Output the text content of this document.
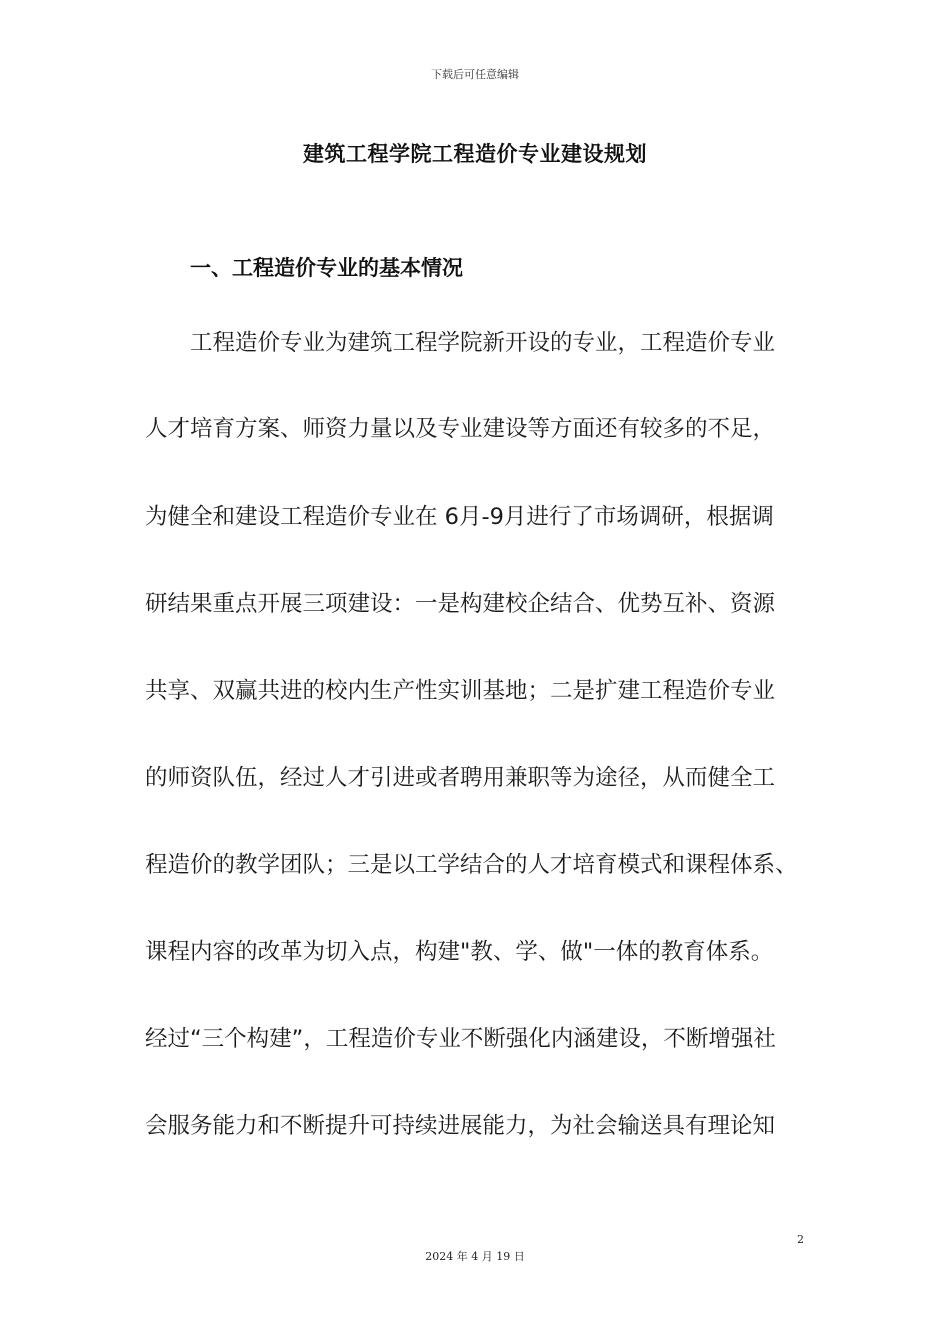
下载后可任意编辑
建筑工程学院工程造价专业建设规划
一、工程造价专业的基本情况
工程造价专业为建筑工程学院新开设的专业，工程造价专业
人才培育方案、师资力量以及专业建设等方面还有较多的不足，
为健全和建设工程造价专业在 6月-9月进行了市场调研，根据调
研结果重点开展三项建设：一是构建校企结合、优势互补、资源
共享、双赢共进的校内生产性实训基地；二是扩建工程造价专业
的师资队伍，经过人才引进或者聘用兼职等为途径，从而健全工
程造价的教学团队；三是以工学结合的人才培育模式和课程体系、
课程内容的改革为切入点，构建"教、学、做"一体的教育体系。
经过“三个构建”，工程造价专业不断强化内涵建设，不断增强社
会服务能力和不断提升可持续进展能力，为社会输送具有理论知
2
2024 年 4 月 19 日
